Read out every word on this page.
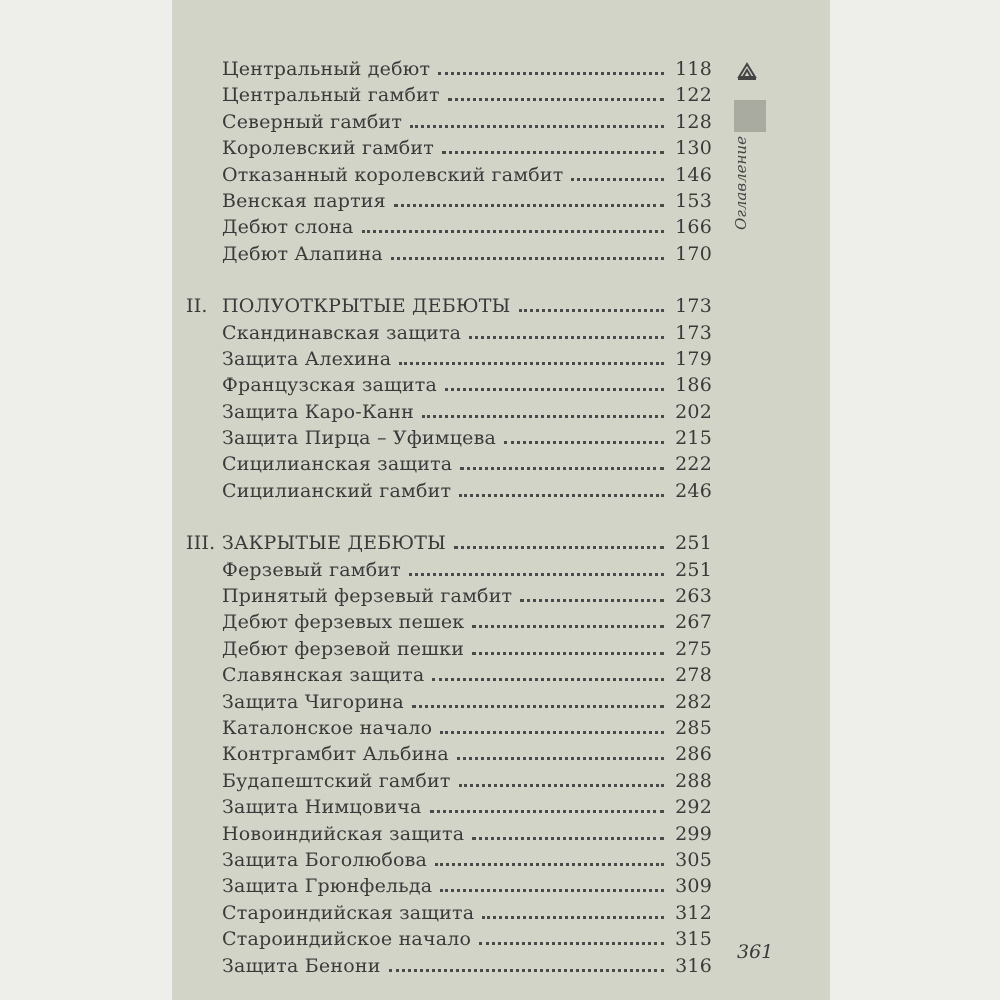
Центральный дебют	118
Центральный гамбит	122
Северный гамбит	128
Королевский гамбит	130
Отказанный королевский гамбит	146
Венская партия	153
Дебют слона	166
Дебют Алапина	170
II. ПОЛУОТКРЫТЫЕ ДЕБЮТЫ	173
Скандинавская защита	173
Защита Алехина	179
Французская защита	186
Защита Каро-Канн	202
Защита Пирца – Уфимцева	215
Сицилианская защита	222
Сицилианский гамбит	246
III. ЗАКРЫТЫЕ ДЕБЮТЫ	251
Ферзевый гамбит	251
Принятый ферзевый гамбит	263
Дебют ферзевых пешек	267
Дебют ферзевой пешки	275
Славянская защита	278
Защита Чигорина	282
Каталонское начало	285
Контргамбит Альбина	286
Будапештский гамбит	288
Защита Нимцовича	292
Новоиндийская защита	299
Защита Боголюбова	305
Защита Грюнфельда	309
Староиндийская защита	312
Староиндийское начало	315
Защита Бенони	316
Оглавление
361
